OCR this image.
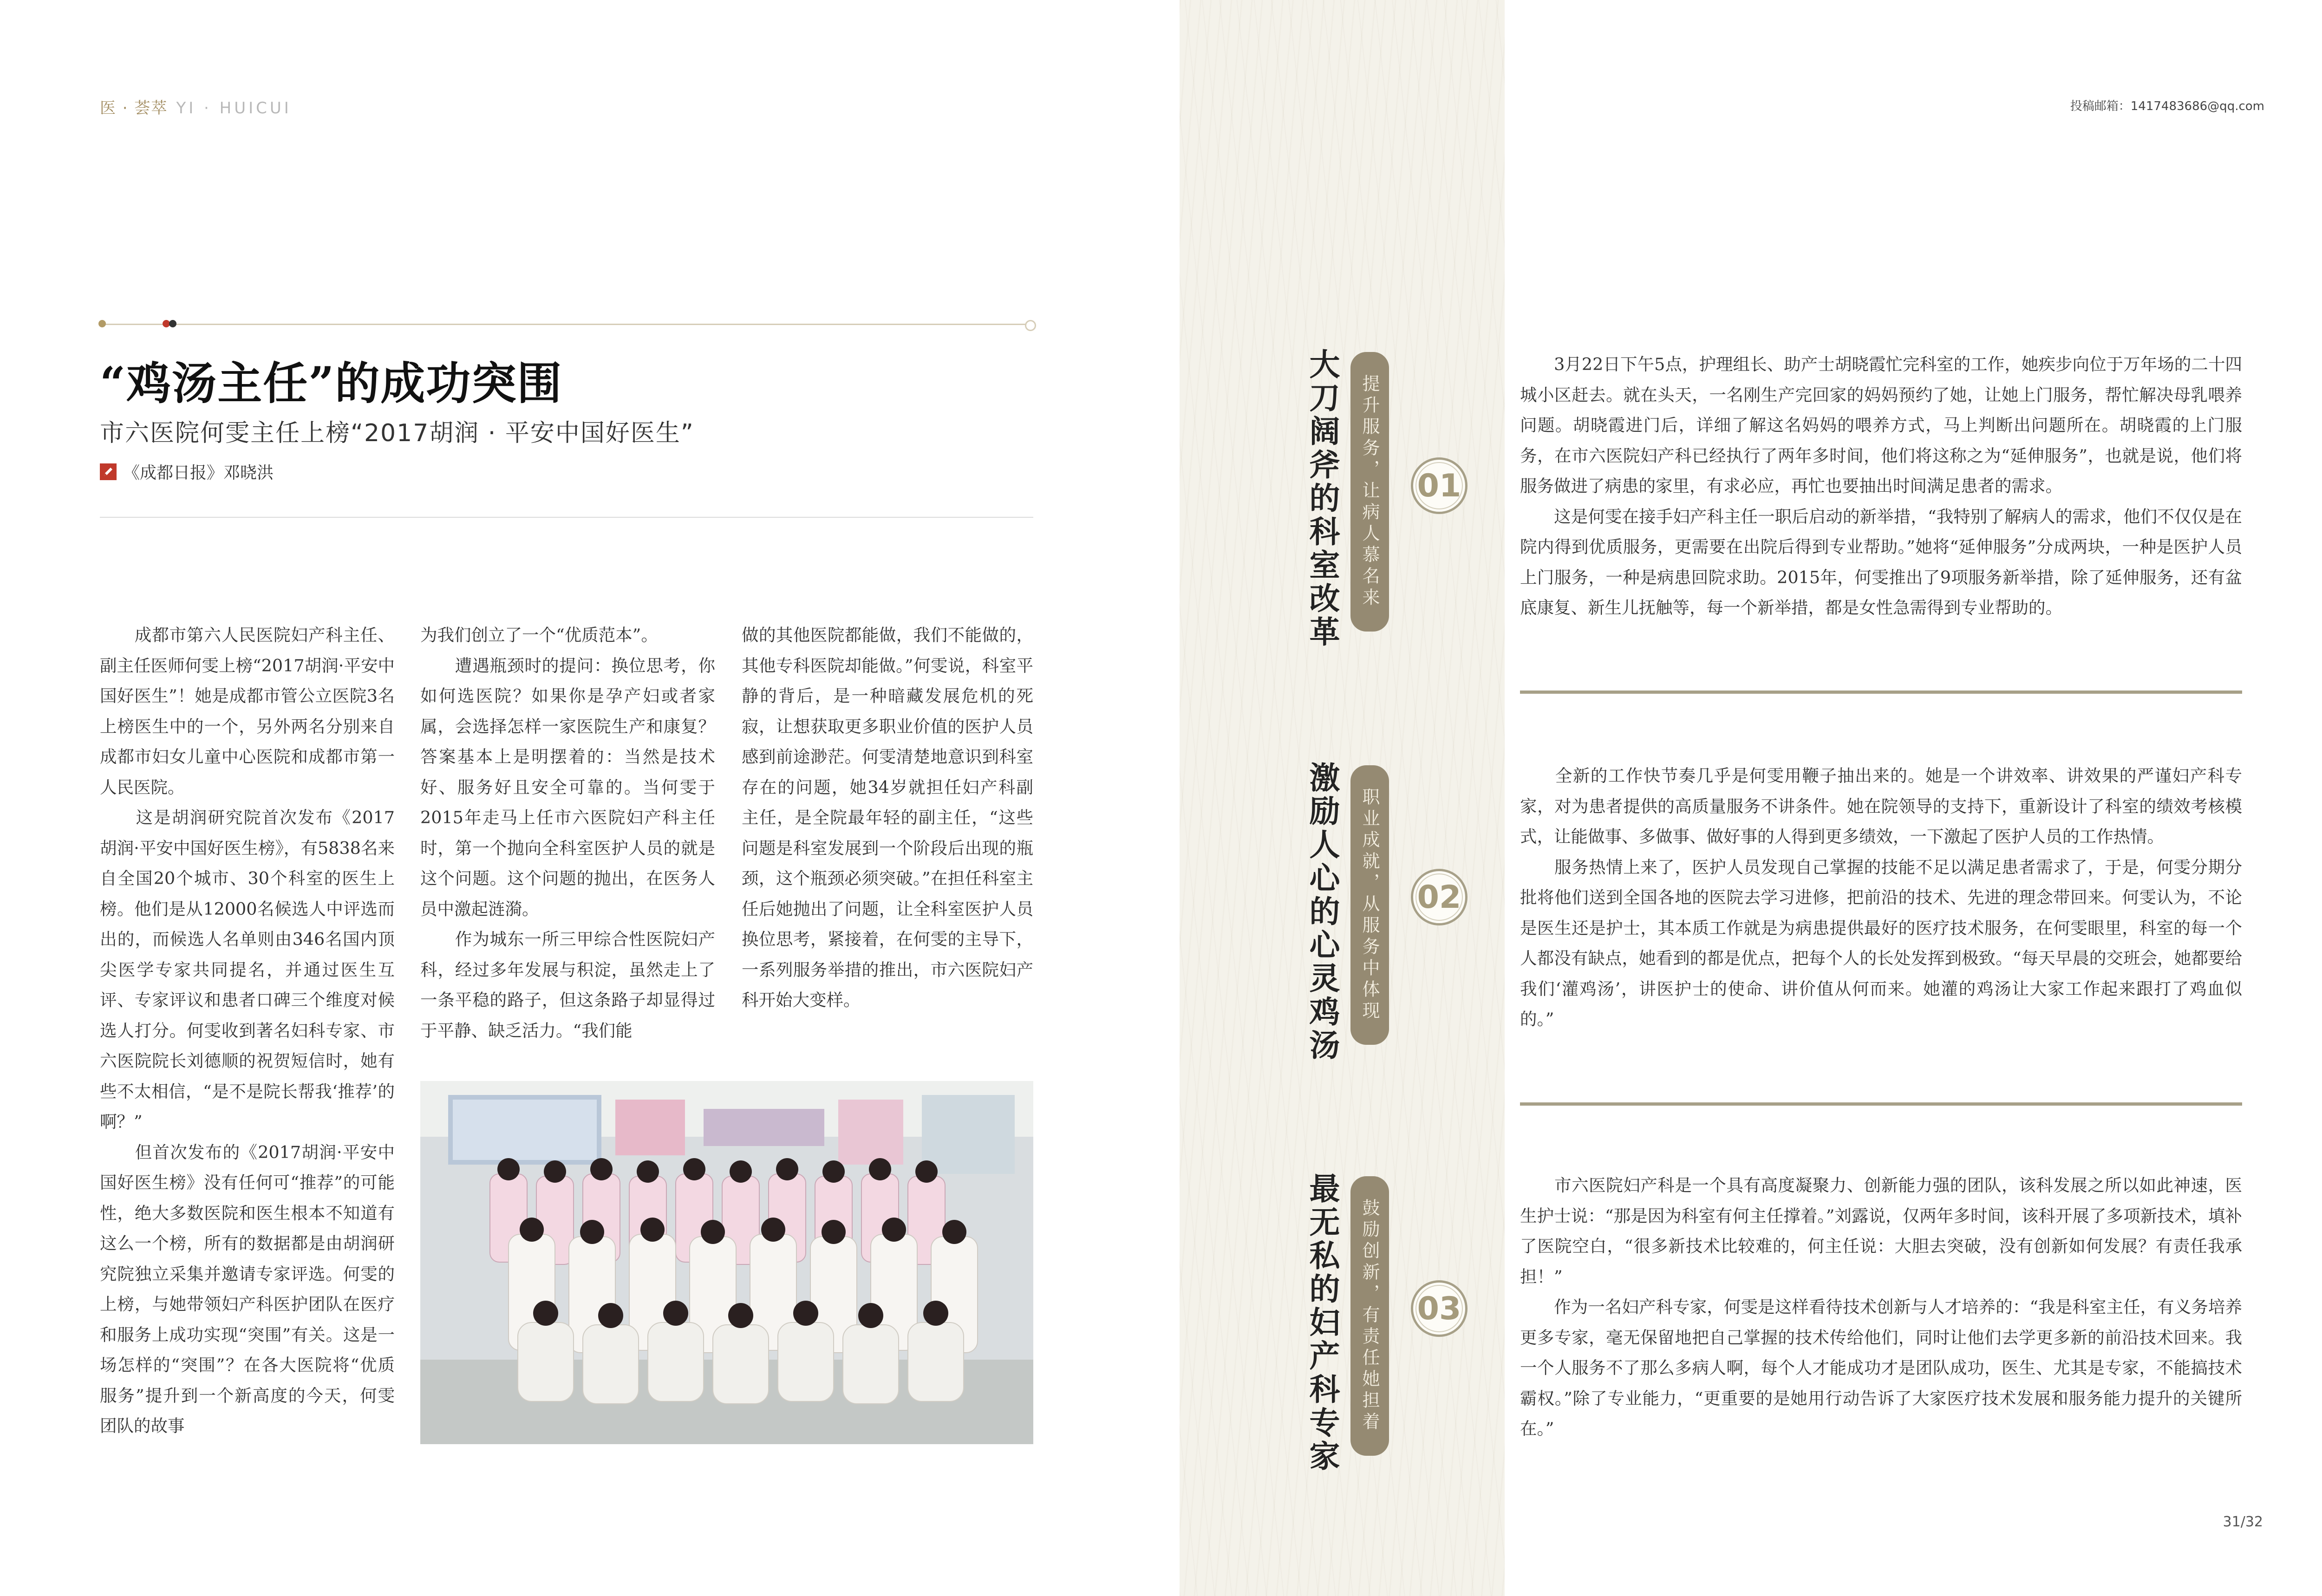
医 · 荟萃 YI · HUICUI	投稿邮箱：1417483686@qq.com
“鸡汤主任”的成功突围
市六医院何雯主任上榜“2017胡润 · 平安中国好医生”
《成都日报》邓晓洪
　　成都市第六人民医院妇产科主任、副主任医师何雯上榜“2017胡润·平安中国好医生”！她是成都市管公立医院3名上榜医生中的一个，另外两名分别来自成都市妇女儿童中心医院和成都市第一人民医院。
　　这是胡润研究院首次发布《2017胡润·平安中国好医生榜》，有5838名来自全国20个城市、30个科室的医生上榜。他们是从12000名候选人中评选而出的，而候选人名单则由346名国内顶尖医学专家共同提名，并通过医生互评、专家评议和患者口碑三个维度对候选人打分。何雯收到著名妇科专家、市六医院院长刘德顺的祝贺短信时，她有些不太相信，“是不是院长帮我‘推荐’的啊？”
　　但首次发布的《2017胡润·平安中国好医生榜》没有任何可“推荐”的可能性，绝大多数医院和医生根本不知道有这么一个榜，所有的数据都是由胡润研究院独立采集并邀请专家评选。何雯的上榜，与她带领妇产科医护团队在医疗和服务上成功实现“突围”有关。这是一场怎样的“突围”？在各大医院将“优质服务”提升到一个新高度的今天，何雯团队的故事
为我们创立了一个“优质范本”。
　　遭遇瓶颈时的提问：换位思考，你如何选医院？如果你是孕产妇或者家属，会选择怎样一家医院生产和康复？答案基本上是明摆着的：当然是技术好、服务好且安全可靠的。当何雯于2015年走马上任市六医院妇产科主任时，第一个抛向全科室医护人员的就是这个问题。这个问题的抛出，在医务人员中激起涟漪。
　　作为城东一所三甲综合性医院妇产科，经过多年发展与积淀，虽然走上了一条平稳的路子，但这条路子却显得过于平静、缺乏活力。“我们能
做的其他医院都能做，我们不能做的，其他专科医院却能做。”何雯说，科室平静的背后，是一种暗藏发展危机的死寂，让想获取更多职业价值的医护人员感到前途渺茫。何雯清楚地意识到科室存在的问题，她34岁就担任妇产科副主任，是全院最年轻的副主任，“这些问题是科室发展到一个阶段后出现的瓶颈，这个瓶颈必须突破。”在担任科室主任后她抛出了问题，让全科室医护人员换位思考，紧接着，在何雯的主导下，一系列服务举措的推出，市六医院妇产科开始大变样。
大刀阔斧的科室改革	提升服务，让病人慕名来 01
　　3月22日下午5点，护理组长、助产士胡晓霞忙完科室的工作，她疾步向位于万年场的二十四城小区赶去。就在头天，一名刚生产完回家的妈妈预约了她，让她上门服务，帮忙解决母乳喂养问题。胡晓霞进门后，详细了解这名妈妈的喂养方式，马上判断出问题所在。胡晓霞的上门服务，在市六医院妇产科已经执行了两年多时间，他们将这称之为“延伸服务”，也就是说，他们将服务做进了病患的家里，有求必应，再忙也要抽出时间满足患者的需求。
　　这是何雯在接手妇产科主任一职后启动的新举措，“我特别了解病人的需求，他们不仅仅是在院内得到优质服务，更需要在出院后得到专业帮助。”她将“延伸服务”分成两块，一种是医护人员上门服务，一种是病患回院求助。2015年，何雯推出了9项服务新举措，除了延伸服务，还有盆底康复、新生儿抚触等，每一个新举措，都是女性急需得到专业帮助的。
激励人心的心灵鸡汤	职业成就，从服务中体现 02
　　全新的工作快节奏几乎是何雯用鞭子抽出来的。她是一个讲效率、讲效果的严谨妇产科专家，对为患者提供的高质量服务不讲条件。她在院领导的支持下，重新设计了科室的绩效考核模式，让能做事、多做事、做好事的人得到更多绩效，一下激起了医护人员的工作热情。
　　服务热情上来了，医护人员发现自己掌握的技能不足以满足患者需求了，于是，何雯分期分批将他们送到全国各地的医院去学习进修，把前沿的技术、先进的理念带回来。何雯认为，不论是医生还是护士，其本质工作就是为病患提供最好的医疗技术服务，在何雯眼里，科室的每一个人都没有缺点，她看到的都是优点，把每个人的长处发挥到极致。“每天早晨的交班会，她都要给我们‘灌鸡汤’，讲医护士的使命、讲价值从何而来。她灌的鸡汤让大家工作起来跟打了鸡血似的。”
最无私的妇产科专家	鼓励创新，有责任她担着 03
　　市六医院妇产科是一个具有高度凝聚力、创新能力强的团队，该科发展之所以如此神速，医生护士说：“那是因为科室有何主任撑着。”刘露说，仅两年多时间，该科开展了多项新技术，填补了医院空白，“很多新技术比较难的，何主任说：大胆去突破，没有创新如何发展？有责任我承担！”
　　作为一名妇产科专家，何雯是这样看待技术创新与人才培养的：“我是科室主任，有义务培养更多专家，毫无保留地把自己掌握的技术传给他们，同时让他们去学更多新的前沿技术回来。我一个人服务不了那么多病人啊，每个人才能成功才是团队成功，医生、尤其是专家，不能搞技术霸权。”除了专业能力，“更重要的是她用行动告诉了大家医疗技术发展和服务能力提升的关键所在。”
31/32
